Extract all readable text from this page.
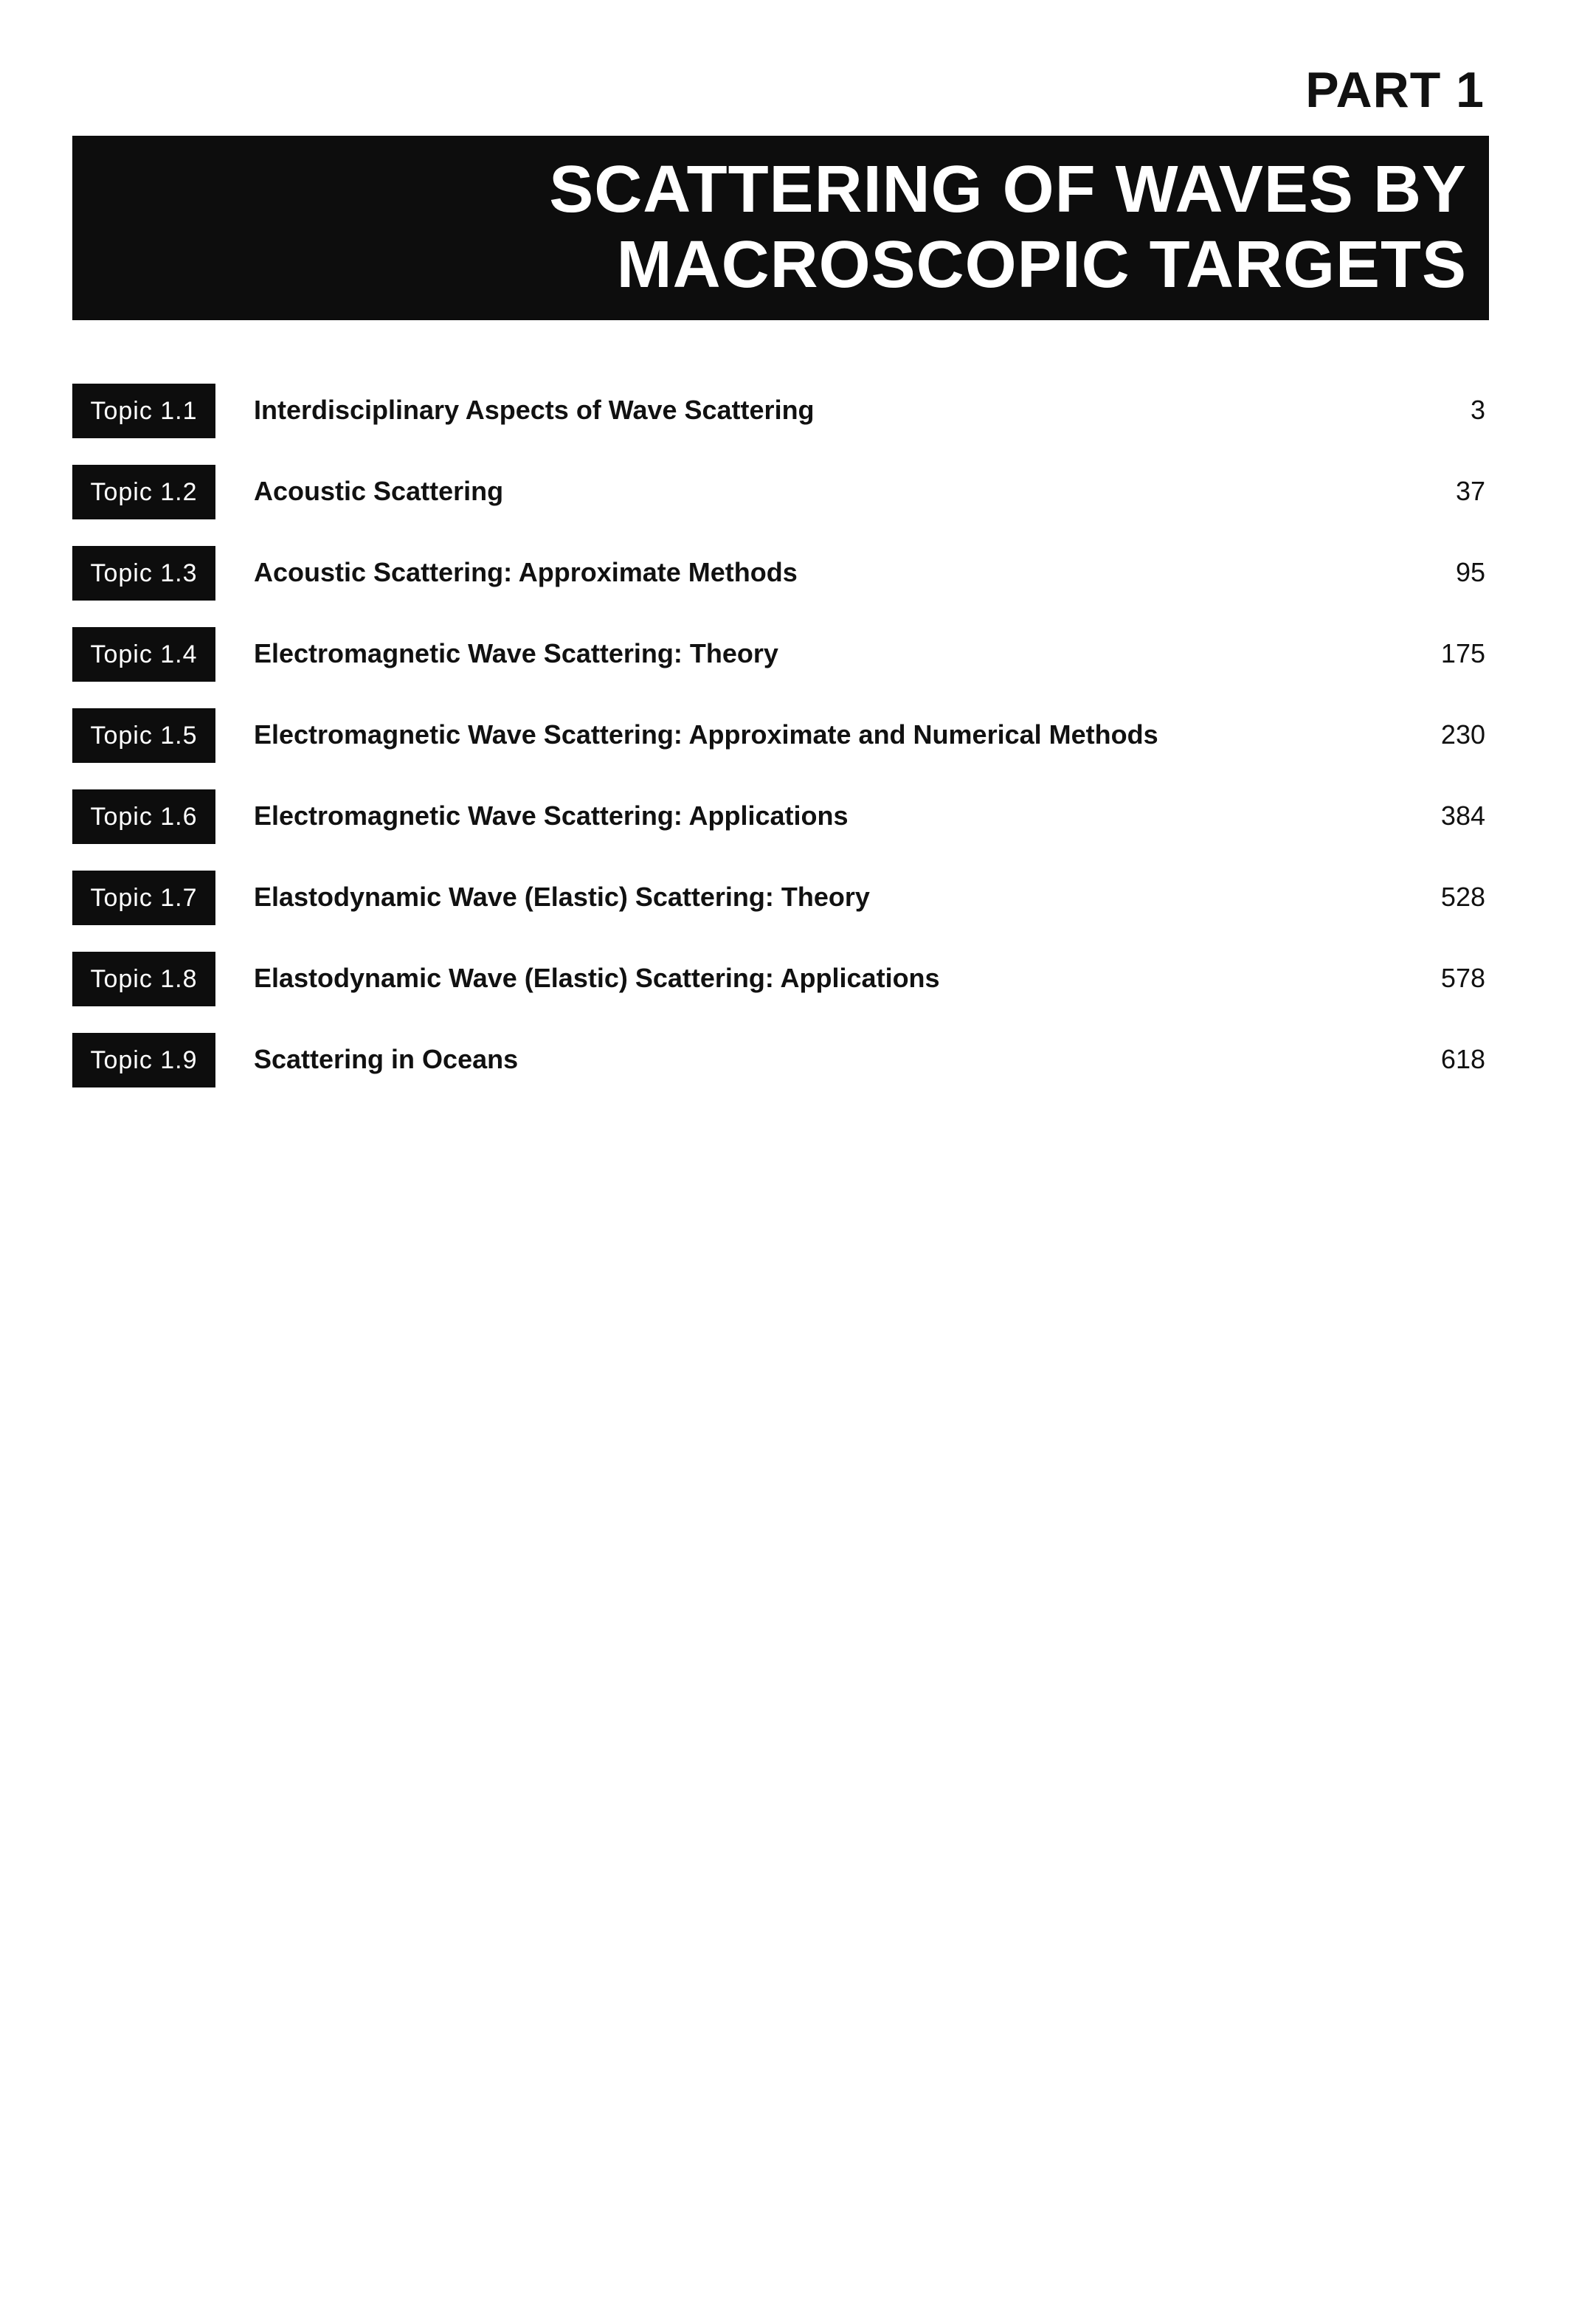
PART 1
SCATTERING OF WAVES BY
MACROSCOPIC TARGETS
Topic 1.1	Interdisciplinary Aspects of Wave Scattering	3
Topic 1.2	Acoustic Scattering	37
Topic 1.3	Acoustic Scattering: Approximate Methods	95
Topic 1.4	Electromagnetic Wave Scattering: Theory	175
Topic 1.5	Electromagnetic Wave Scattering: Approximate and Numerical Methods	230
Topic 1.6	Electromagnetic Wave Scattering: Applications	384
Topic 1.7	Elastodynamic Wave (Elastic) Scattering: Theory	528
Topic 1.8	Elastodynamic Wave (Elastic) Scattering: Applications	578
Topic 1.9	Scattering in Oceans	618
